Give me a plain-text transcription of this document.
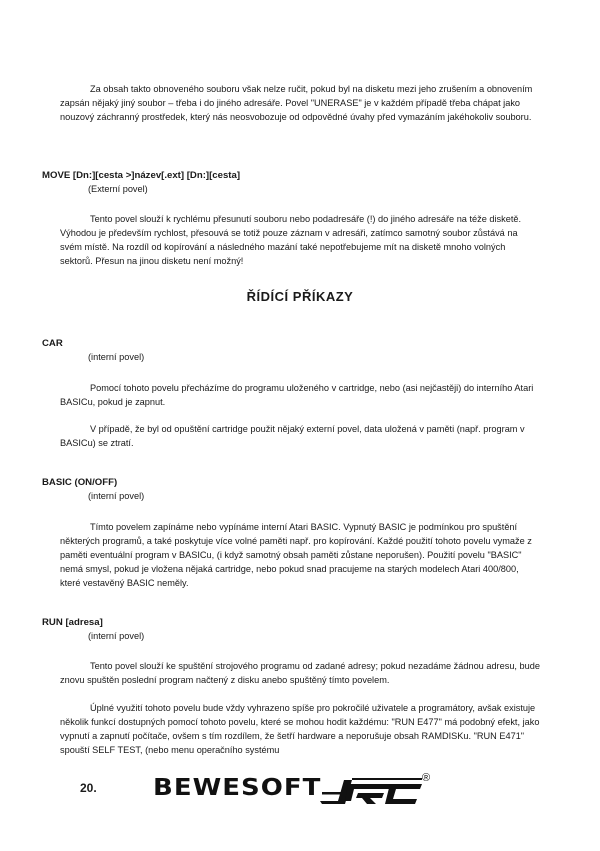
Za obsah takto obnoveného souboru však nelze ručit, pokud byl na disketu mezi jeho zrušením a obnovením zapsán nějaký jiný soubor – třeba i do jiného adresáře. Povel "UNERASE" je v každém případě třeba chápat jako nouzový záchranný prostředek, který nás neosvobozuje od odpovědné úvahy před vymazáním jakéhokoliv souboru.

MOVE [Dn:][cesta >]název[.ext] [Dn:][cesta]

(Externí povel)

Tento povel slouží k rychlému přesunutí souboru nebo podadresáře (!) do jiného adresáře na téže disketě. Výhodou je především rychlost, přesouvá se totiž pouze záznam v adresáři, zatímco samotný soubor zůstává na svém místě. Na rozdíl od kopírování a následného mazání také nepotřebujeme mít na disketě mnoho volných sektorů. Přesun na jinou disketu není možný!

ŘÍDÍCÍ PŘÍKAZY

CAR

(interní povel)

Pomocí tohoto povelu přecházíme do programu uloženého v cartridge, nebo (asi nejčastěji) do interního Atari BASICu, pokud je zapnut.

V případě, že byl od opuštění cartridge použit nějaký externí povel, data uložená v paměti (např. program v BASICu) se ztratí.

BASIC (ON/OFF)

(interní povel)

Tímto povelem zapínáme nebo vypínáme interní Atari BASIC. Vypnutý BASIC je podmínkou pro spuštění některých programů, a také poskytuje více volné paměti např. pro kopírování. Každé použití tohoto povelu vymaže z paměti eventuální program v BASICu, (i když samotný obsah paměti zůstane neporušen). Použití povelu "BASIC" nemá smysl, pokud je vložena nějaká cartridge, nebo pokud snad pracujeme na starých modelech Atari 400/800, které vestavěný BASIC neměly.

RUN [adresa]

(interní povel)

Tento povel slouží ke spuštění strojového programu od zadané adresy; pokud nezadáme žádnou adresu, bude znovu spuštěn poslední program načtený z disku anebo spuštěný tímto povelem.

Úplné využití tohoto povelu bude vždy vyhrazeno spíše pro pokročilé uživatele a programátory, avšak existuje několik funkcí dostupných pomocí tohoto povelu, které se mohou hodit každému: "RUN E477" má podobný efekt, jako vypnutí a zapnutí počítače, ovšem s tím rozdílem, že šetří hardware a neporušuje obsah RAMDISKu. "RUN E471" spouští SELF TEST, (nebo menu operačního systému

20. BEWESOFT	®
